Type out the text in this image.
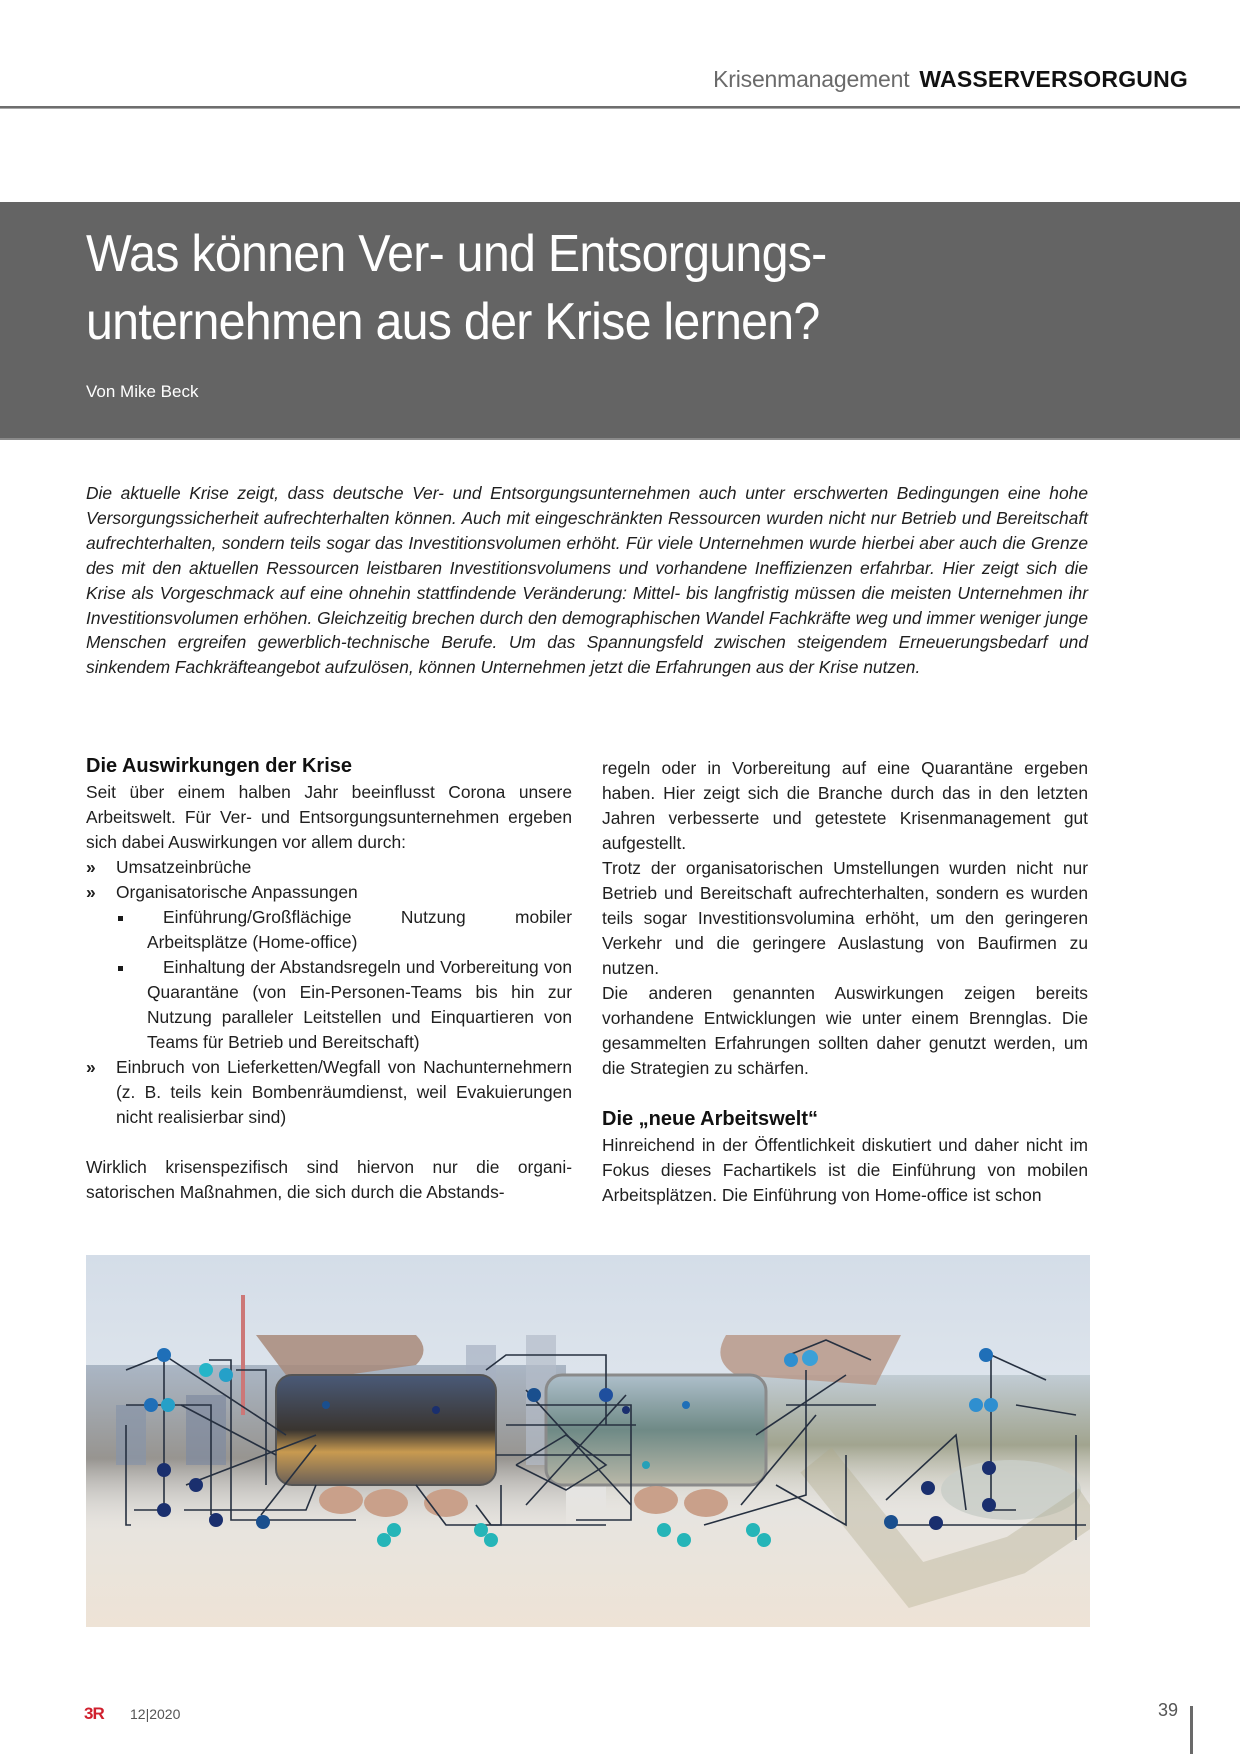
Krisenmanagement WASSERVERSORGUNG
Was können Ver- und Entsorgungs-
unternehmen aus der Krise lernen?
Von Mike Beck

Die aktuelle Krise zeigt, dass deutsche Ver- und Entsorgungsunternehmen auch unter erschwerten Bedingungen eine hohe Versorgungssicherheit aufrechterhalten können. Auch mit eingeschränkten Ressourcen wurden nicht nur Betrieb und Bereitschaft aufrechterhalten, sondern teils sogar das Investitionsvolumen erhöht. Für viele Unternehmen wurde hierbei aber auch die Grenze des mit den aktuellen Ressourcen leistbaren Investitionsvolumens und vorhandene Ineffizienzen erfahrbar. Hier zeigt sich die Krise als Vorgeschmack auf eine ohnehin stattfindende Veränderung: Mittel- bis langfristig müssen die meisten Unternehmen ihr Investitionsvolumen erhöhen. Gleichzeitig brechen durch den demographischen Wandel Fachkräfte weg und immer weniger junge Menschen ergreifen gewerblich-technische Berufe. Um das Spannungsfeld zwischen steigendem Erneuerungsbedarf und sinkendem Fachkräfteangebot aufzulösen, können Unternehmen jetzt die Erfahrungen aus der Krise nutzen.

Die Auswirkungen der Krise

Seit über einem halben Jahr beeinflusst Corona unsere Arbeitswelt. Für Ver- und Entsorgungsunternehmen ergeben sich dabei Auswirkungen vor allem durch:

» Umsatzeinbrüche
» Organisatorische Anpassungen
Einführung/Großflächige Nutzung mobiler Arbeitsplätze (Home-office)
Einhaltung der Abstandsregeln und Vorbereitung von Quarantäne (von Ein-Personen-Teams bis hin zur Nutzung paralleler Leitstellen und Einquartieren von Teams für Betrieb und Bereitschaft)
» Einbruch von Lieferketten/Wegfall von Nachunternehmern (z. B. teils kein Bombenräumdienst, weil Evakuierungen nicht realisierbar sind)

Wirklich krisenspezifisch sind hiervon nur die organisatorischen Maßnahmen, die sich durch die Abstands-

regeln oder in Vorbereitung auf eine Quarantäne ergeben haben. Hier zeigt sich die Branche durch das in den letzten Jahren verbesserte und getestete Krisenmanagement gut aufgestellt.

Trotz der organisatorischen Umstellungen wurden nicht nur Betrieb und Bereitschaft aufrechterhalten, sondern es wurden teils sogar Investitionsvolumina erhöht, um den geringeren Verkehr und die geringere Auslastung von Baufirmen zu nutzen.

Die anderen genannten Auswirkungen zeigen bereits vorhandene Entwicklungen wie unter einem Brennglas. Die gesammelten Erfahrungen sollten daher genutzt werden, um die Strategien zu schärfen.

Die „neue Arbeitswelt“

Hinreichend in der Öffentlichkeit diskutiert und daher nicht im Fokus dieses Fachartikels ist die Einführung von mobilen Arbeitsplätzen. Die Einführung von Home-office ist schon

3R 12|2020	39
